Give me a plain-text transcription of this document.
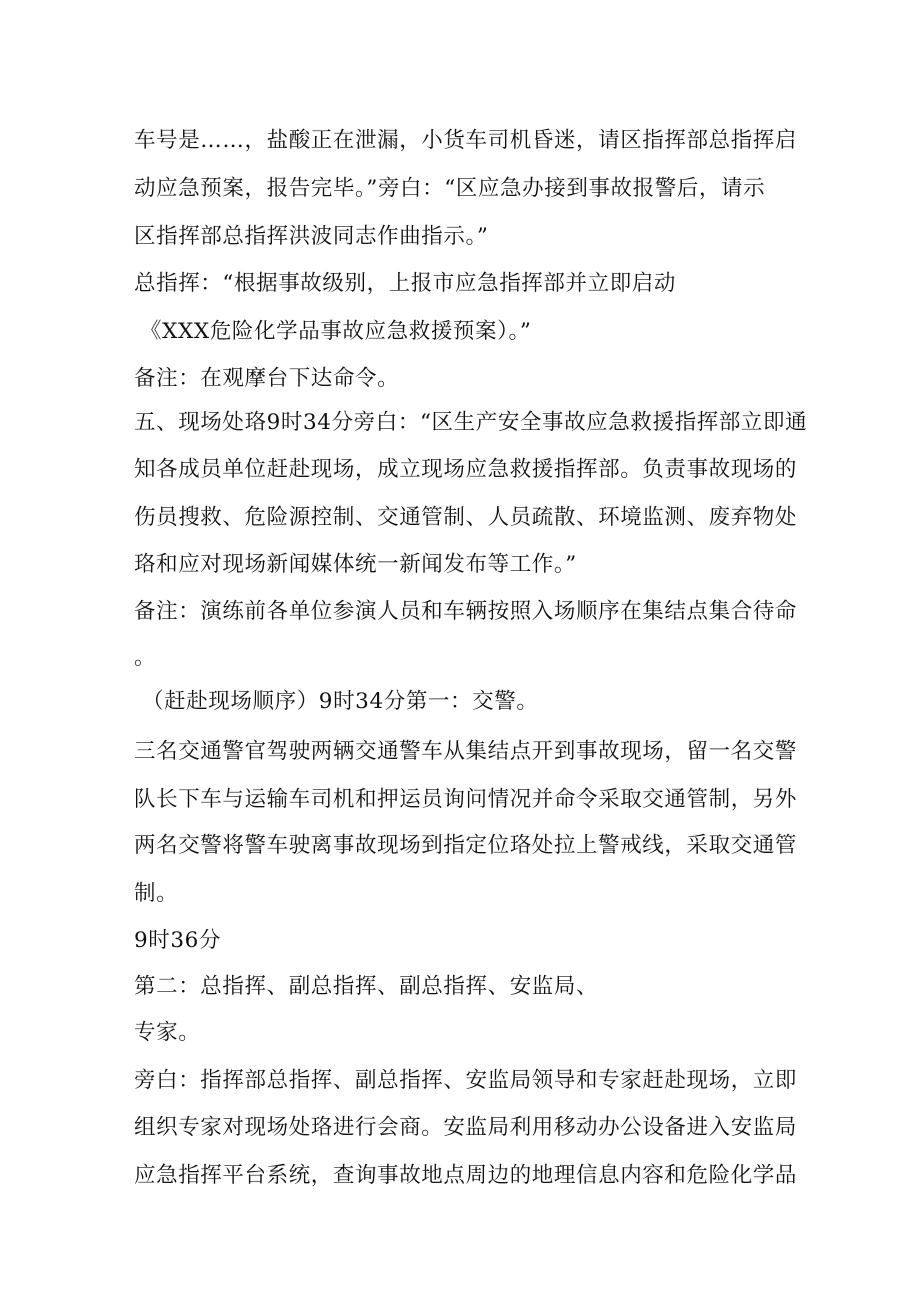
车号是……，盐酸正在泄漏，小货车司机昏迷，请区指挥部总指挥启
动应急预案，报告完毕。”旁白：“区应急办接到事故报警后，请示
区指挥部总指挥洪波同志作曲指示。”
总指挥：“根据事故级别，上报市应急指挥部并立即启动
《XXX危险化学品事故应急救援预案）。”
备注：在观摩台下达命令。
五、现场处珞9时34分旁白：“区生产安全事故应急救援指挥部立即通
知各成员单位赶赴现场，成立现场应急救援指挥部。负责事故现场的
伤员搜救、危险源控制、交通管制、人员疏散、环境监测、废弃物处
珞和应对现场新闻媒体统一新闻发布等工作。”
备注：演练前各单位参演人员和车辆按照入场顺序在集结点集合待命
。
（赶赴现场顺序）9时34分第一：交警。
三名交通警官驾驶两辆交通警车从集结点开到事故现场，留一名交警
队长下车与运输车司机和押运员询问情况并命令采取交通管制，另外
两名交警将警车驶离事故现场到指定位珞处拉上警戒线，采取交通管
制。
9时36分
第二：总指挥、副总指挥、副总指挥、安监局、
专家。
旁白：指挥部总指挥、副总指挥、安监局领导和专家赶赴现场，立即
组织专家对现场处珞进行会商。安监局利用移动办公设备进入安监局
应急指挥平台系统，查询事故地点周边的地理信息内容和危险化学品
